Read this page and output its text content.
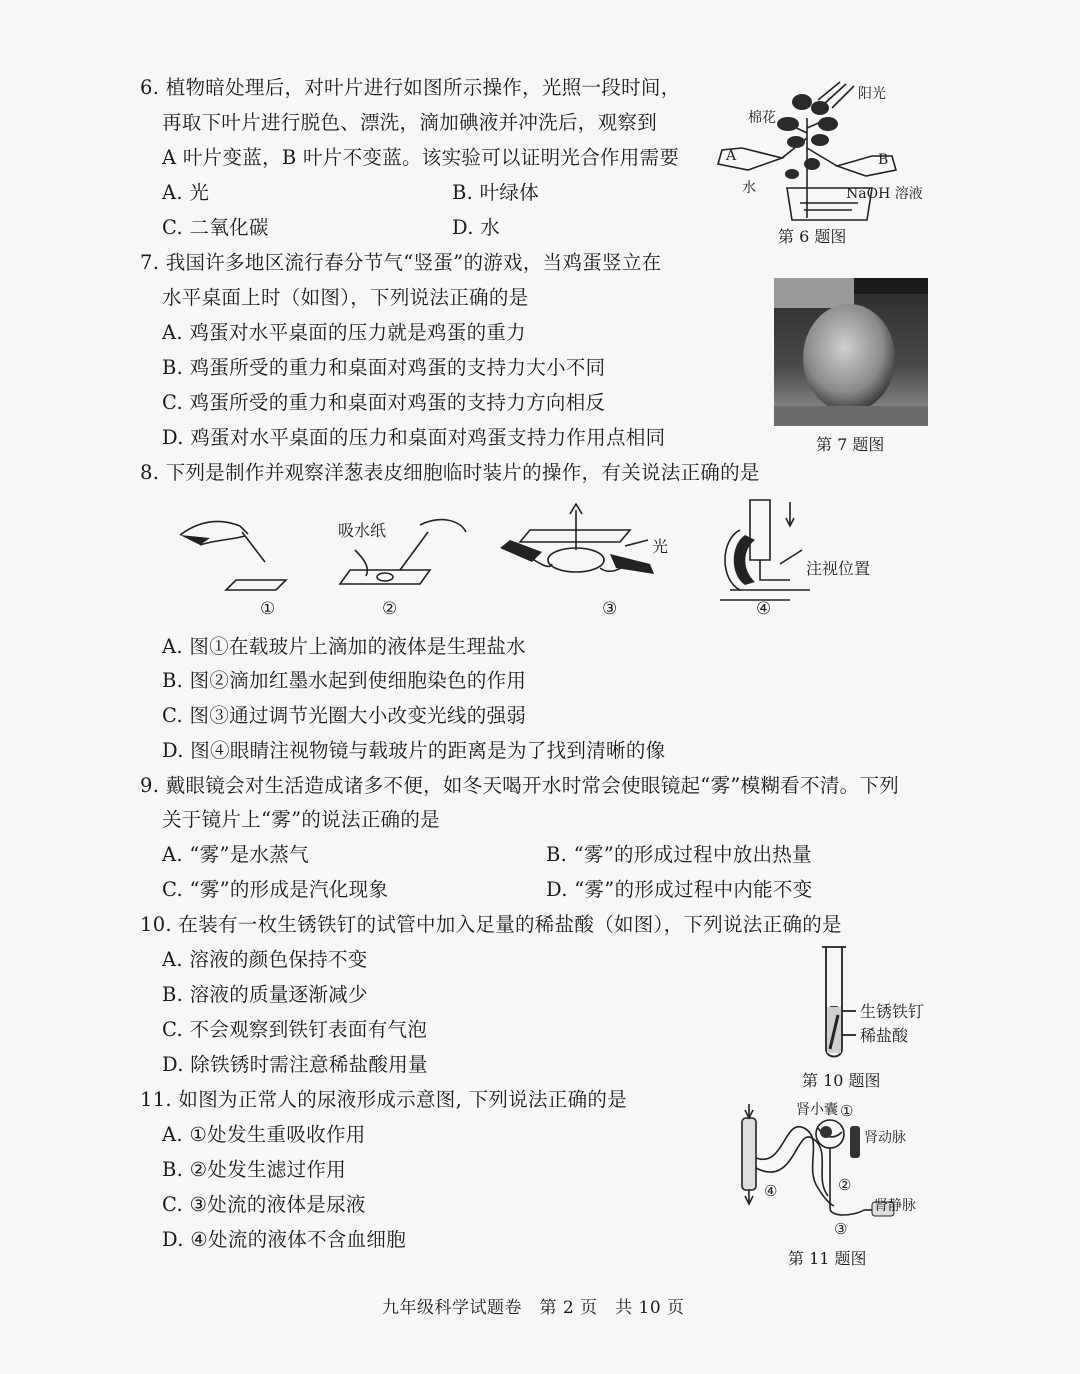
6. 植物暗处理后，对叶片进行如图所示操作，光照一段时间，
再取下叶片进行脱色、漂洗，滴加碘液并冲洗后，观察到
A 叶片变蓝，B 叶片不变蓝。该实验可以证明光合作用需要
A. 光	B. 叶绿体
C. 二氧化碳	D. 水
阳光
棉花
A	B
水	NaOH 溶液
第 6 题图
7. 我国许多地区流行春分节气“竖蛋”的游戏，当鸡蛋竖立在
水平桌面上时（如图），下列说法正确的是
A. 鸡蛋对水平桌面的压力就是鸡蛋的重力
B. 鸡蛋所受的重力和桌面对鸡蛋的支持力大小不同
C. 鸡蛋所受的重力和桌面对鸡蛋的支持力方向相反
D. 鸡蛋对水平桌面的压力和桌面对鸡蛋支持力作用点相同	第 7 题图
8. 下列是制作并观察洋葱表皮细胞临时装片的操作，有关说法正确的是
吸水纸
光
注视位置
①	②	③	④
A. 图①在载玻片上滴加的液体是生理盐水
B. 图②滴加红墨水起到使细胞染色的作用
C. 图③通过调节光圈大小改变光线的强弱
D. 图④眼睛注视物镜与载玻片的距离是为了找到清晰的像
9. 戴眼镜会对生活造成诸多不便，如冬天喝开水时常会使眼镜起“雾”模糊看不清。下列
关于镜片上“雾”的说法正确的是
A. “雾”是水蒸气	B. “雾”的形成过程中放出热量
C. “雾”的形成是汽化现象	D. “雾”的形成过程中内能不变
10. 在装有一枚生锈铁钉的试管中加入足量的稀盐酸（如图），下列说法正确的是
A. 溶液的颜色保持不变
B. 溶液的质量逐渐减少
C. 不会观察到铁钉表面有气泡
D. 除铁锈时需注意稀盐酸用量
生锈铁钉
稀盐酸
第 10 题图
11. 如图为正常人的尿液形成示意图, 下列说法正确的是
A. ①处发生重吸收作用
B. ②处发生滤过作用
C. ③处流的液体是尿液
D. ④处流的液体不含血细胞
肾小囊 ①
肾动脉
②
肾静脉
③
④
第 11 题图
九年级科学试题卷　第 2 页　共 10 页
